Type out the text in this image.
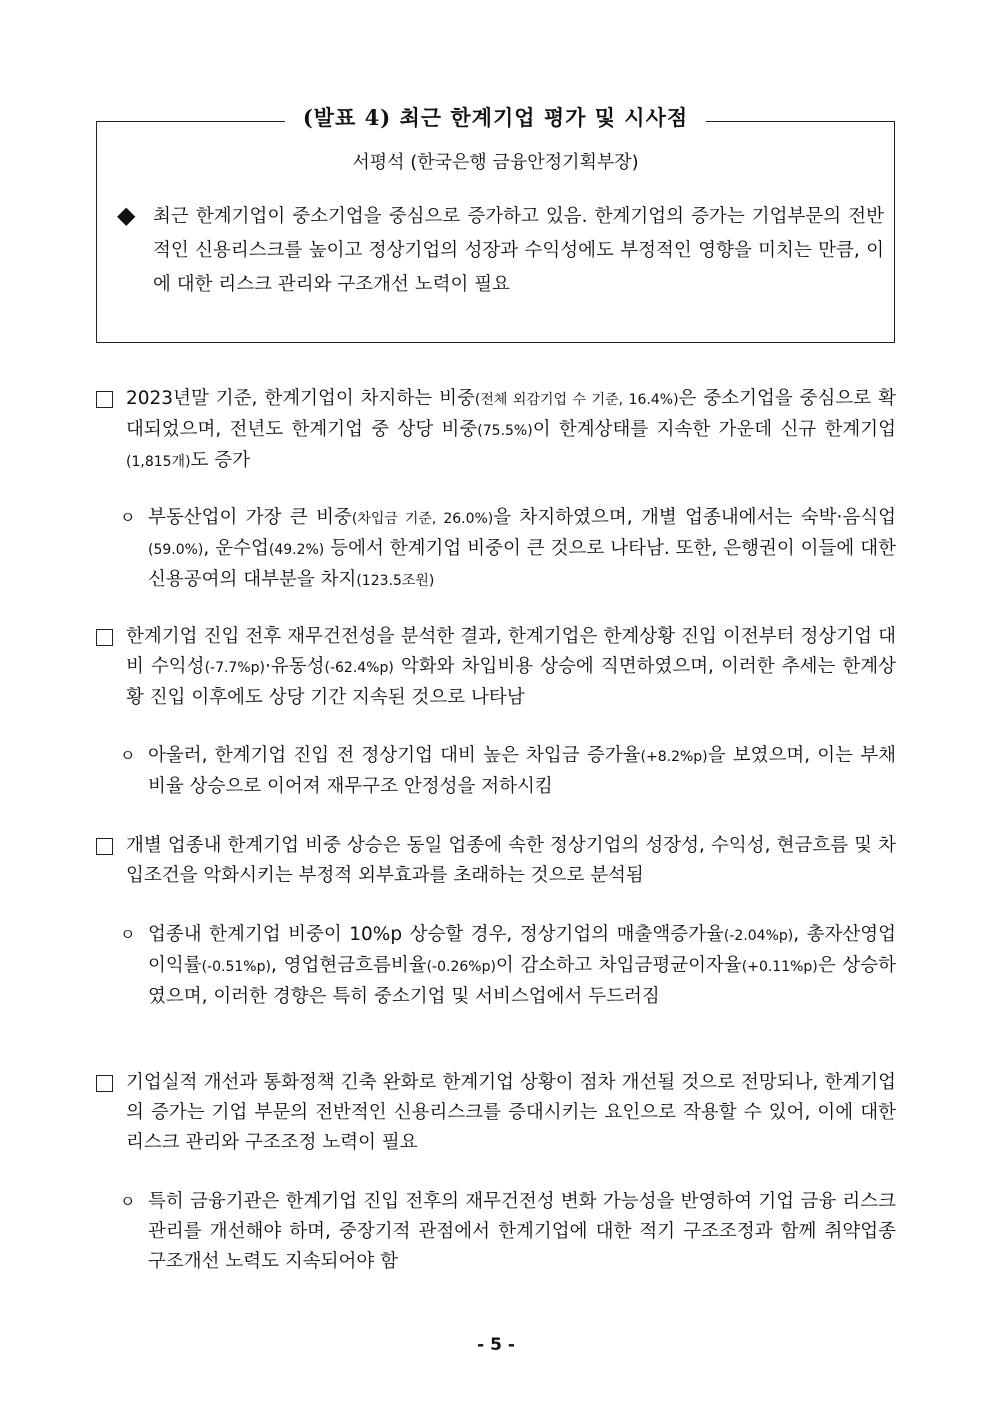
(발표 4) 최근 한계기업 평가 및 시사점
서평석 (한국은행 금융안정기획부장)
◆ 최근 한계기업이 중소기업을 중심으로 증가하고 있음. 한계기업의 증가는 기업부문의 전반적인 신용리스크를 높이고 정상기업의 성장과 수익성에도 부정적인 영향을 미치는 만큼, 이에 대한 리스크 관리와 구조개선 노력이 필요
2023년말 기준, 한계기업이 차지하는 비중(전체 외감기업 수 기준, 16.4%)은 중소기업을 중심으로 확대되었으며, 전년도 한계기업 중 상당 비중(75.5%)이 한계상태를 지속한 가운데 신규 한계기업(1,815개)도 증가
ㅇ 부동산업이 가장 큰 비중(차입금 기준, 26.0%)을 차지하였으며, 개별 업종내에서는 숙박·음식업(59.0%), 운수업(49.2%) 등에서 한계기업 비중이 큰 것으로 나타남. 또한, 은행권이 이들에 대한 신용공여의 대부분을 차지(123.5조원)
한계기업 진입 전후 재무건전성을 분석한 결과, 한계기업은 한계상황 진입 이전부터 정상기업 대비 수익성(-7.7%p)·유동성(-62.4%p) 악화와 차입비용 상승에 직면하였으며, 이러한 추세는 한계상황 진입 이후에도 상당 기간 지속된 것으로 나타남
ㅇ 아울러, 한계기업 진입 전 정상기업 대비 높은 차입금 증가율(+8.2%p)을 보였으며, 이는 부채비율 상승으로 이어져 재무구조 안정성을 저하시킴
개별 업종내 한계기업 비중 상승은 동일 업종에 속한 정상기업의 성장성, 수익성, 현금흐름 및 차입조건을 악화시키는 부정적 외부효과를 초래하는 것으로 분석됨
ㅇ 업종내 한계기업 비중이 10%p 상승할 경우, 정상기업의 매출액증가율(-2.04%p), 총자산영업이익률(-0.51%p), 영업현금흐름비율(-0.26%p)이 감소하고 차입금평균이자율(+0.11%p)은 상승하였으며, 이러한 경향은 특히 중소기업 및 서비스업에서 두드러짐
기업실적 개선과 통화정책 긴축 완화로 한계기업 상황이 점차 개선될 것으로 전망되나, 한계기업의 증가는 기업 부문의 전반적인 신용리스크를 증대시키는 요인으로 작용할 수 있어, 이에 대한 리스크 관리와 구조조정 노력이 필요
ㅇ 특히 금융기관은 한계기업 진입 전후의 재무건전성 변화 가능성을 반영하여 기업 금융 리스크 관리를 개선해야 하며, 중장기적 관점에서 한계기업에 대한 적기 구조조정과 함께 취약업종 구조개선 노력도 지속되어야 함
- 5 -
